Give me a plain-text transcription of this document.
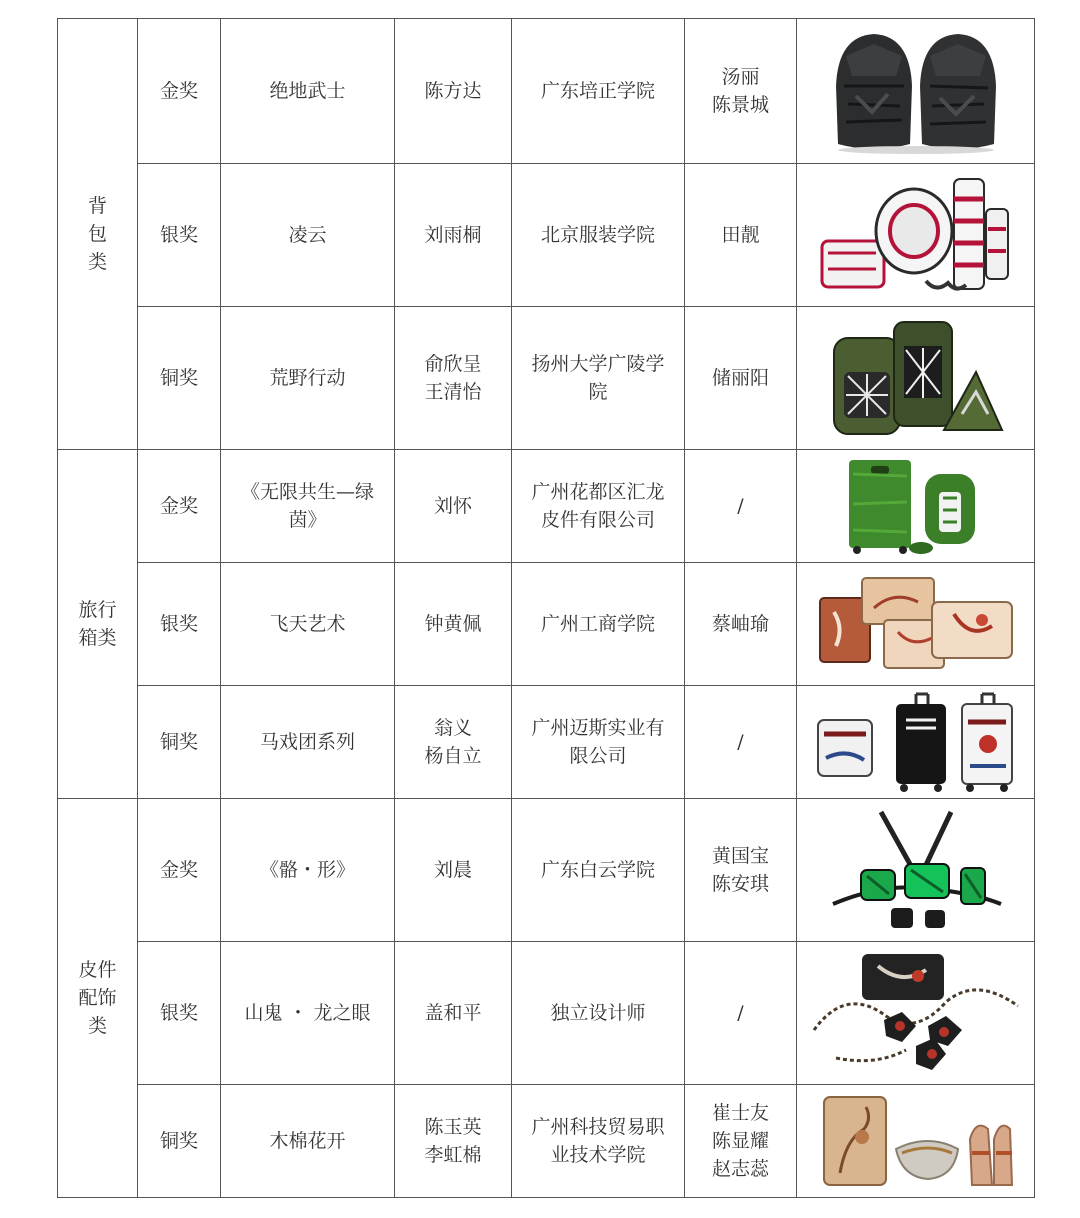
背
包
类	金奖	绝地武士	陈方达	广东培正学院	汤丽
陈景城

	银奖	凌云	刘雨桐	北京服装学院	田靓

	铜奖	荒野行动	俞欣呈
王清怡	扬州大学广陵学
院	储丽阳

旅行
箱类	金奖	《无限共生—绿
茵》	刘怀	广州花都区汇龙
皮件有限公司	/

	银奖	飞天艺术	钟黄佩	广州工商学院	蔡岫瑜

	铜奖	马戏团系列	翁义
杨自立	广州迈斯实业有
限公司	/

皮件
配饰
类	金奖	《骼・形》	刘晨	广东白云学院	黄国宝
陈安琪

	银奖	山鬼 ・ 龙之眼	盖和平	独立设计师	/

	铜奖	木棉花开	陈玉英
李虹棉	广州科技贸易职
业技术学院	崔士友
陈显耀
赵志蕊
